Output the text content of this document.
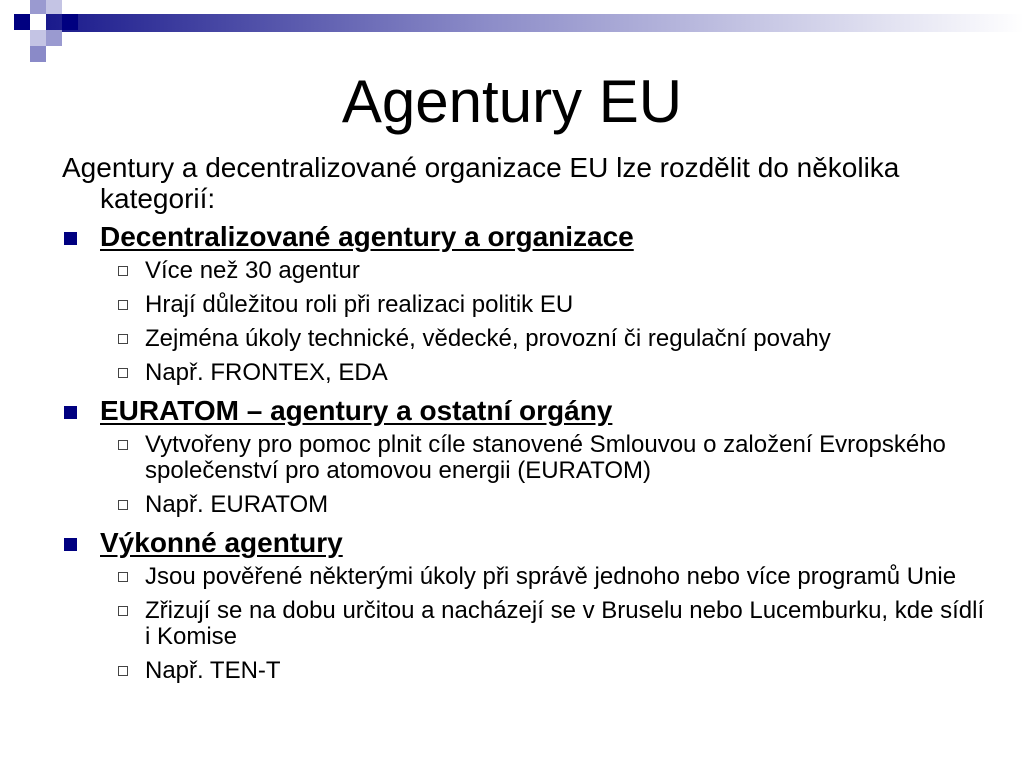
Agentury EU

Agentury a decentralizované organizace EU lze rozdělit do několika kategorií:

Decentralizované agentury a organizace

Více než 30 agentur
Hrají důležitou roli při realizaci politik EU
Zejména úkoly technické, vědecké, provozní či regulační povahy
Např. FRONTEX, EDA

EURATOM – agentury a ostatní orgány

Vytvořeny pro pomoc plnit cíle stanovené Smlouvou o založení Evropského společenství pro atomovou energii (EURATOM)
Např. EURATOM

Výkonné agentury

Jsou pověřené některými úkoly při správě jednoho nebo více programů Unie
Zřizují se na dobu určitou a nacházejí se v Bruselu nebo Lucemburku, kde sídlí i Komise
Např. TEN-T
